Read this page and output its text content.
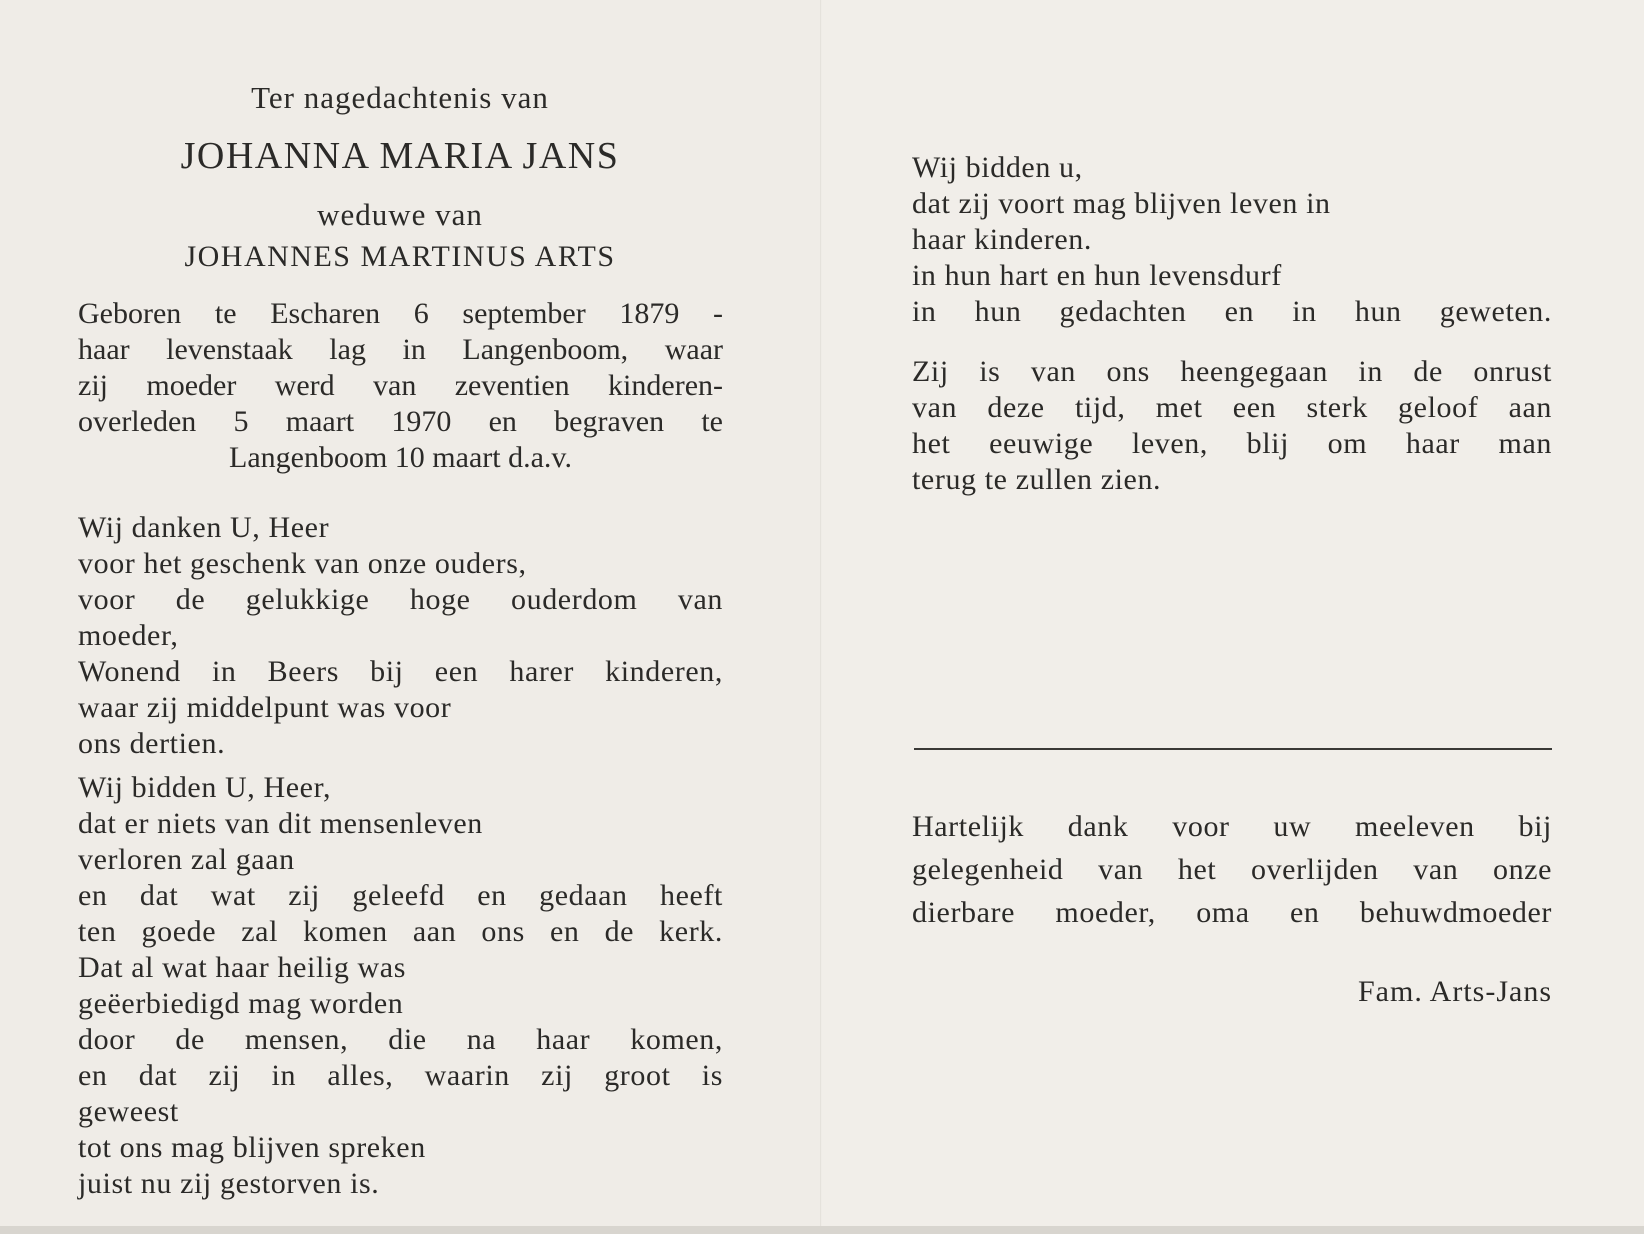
Ter nagedachtenis van

JOHANNA MARIA JANS

weduwe van

JOHANNES MARTINUS ARTS

Geboren te Escharen 6 september 1879 -
haar levenstaak lag in Langenboom, waar
zij moeder werd van zeventien kinderen-
overleden 5 maart 1970 en begraven te
Langenboom 10 maart d.a.v.

Wij danken U, Heer
voor het geschenk van onze ouders,
voor de gelukkige hoge ouderdom van
moeder,
Wonend in Beers bij een harer kinderen,
waar zij middelpunt was voor
ons dertien.

Wij bidden U, Heer,
dat er niets van dit mensenleven
verloren zal gaan
en dat wat zij geleefd en gedaan heeft
ten goede zal komen aan ons en de kerk.
Dat al wat haar heilig was
geëerbiedigd mag worden
door de mensen, die na haar komen,
en dat zij in alles, waarin zij groot is
geweest
tot ons mag blijven spreken
juist nu zij gestorven is.

Wij bidden u,
dat zij voort mag blijven leven in
haar kinderen.
in hun hart en hun levensdurf
in hun gedachten en in hun geweten.

Zij is van ons heengegaan in de onrust
van deze tijd, met een sterk geloof aan
het eeuwige leven, blij om haar man
terug te zullen zien.

Hartelijk dank voor uw meeleven bij
gelegenheid van het overlijden van onze
dierbare moeder, oma en behuwdmoeder

Fam. Arts-Jans
